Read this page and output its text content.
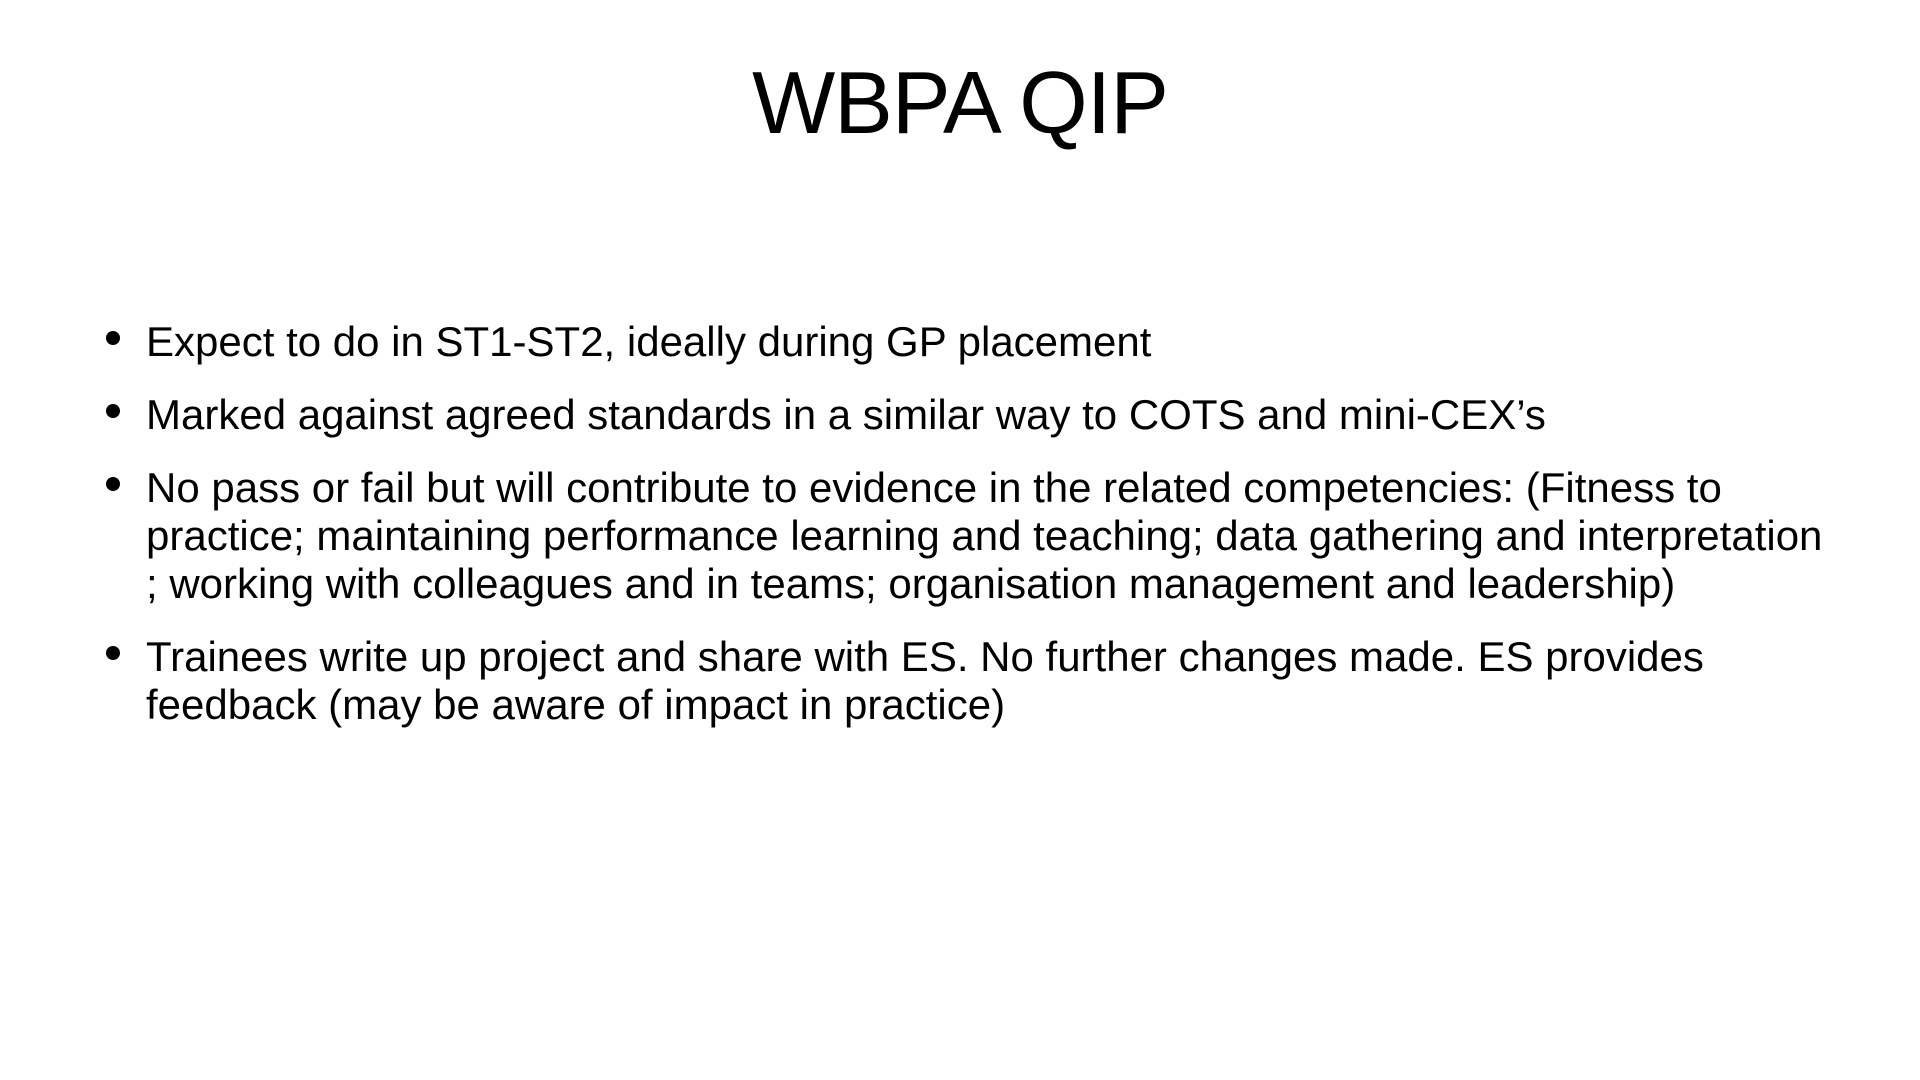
WBPA QIP
Expect to do in ST1-ST2, ideally during GP placement
Marked against agreed standards in a similar way to COTS and mini-CEX’s
No pass or fail but will contribute to evidence in the related competencies: (Fitness to practice; maintaining performance learning and teaching; data gathering and interpretation ; working with colleagues and in teams; organisation management and leadership)
Trainees write up project and share with ES. No further changes made. ES provides feedback (may be aware of impact in practice)
